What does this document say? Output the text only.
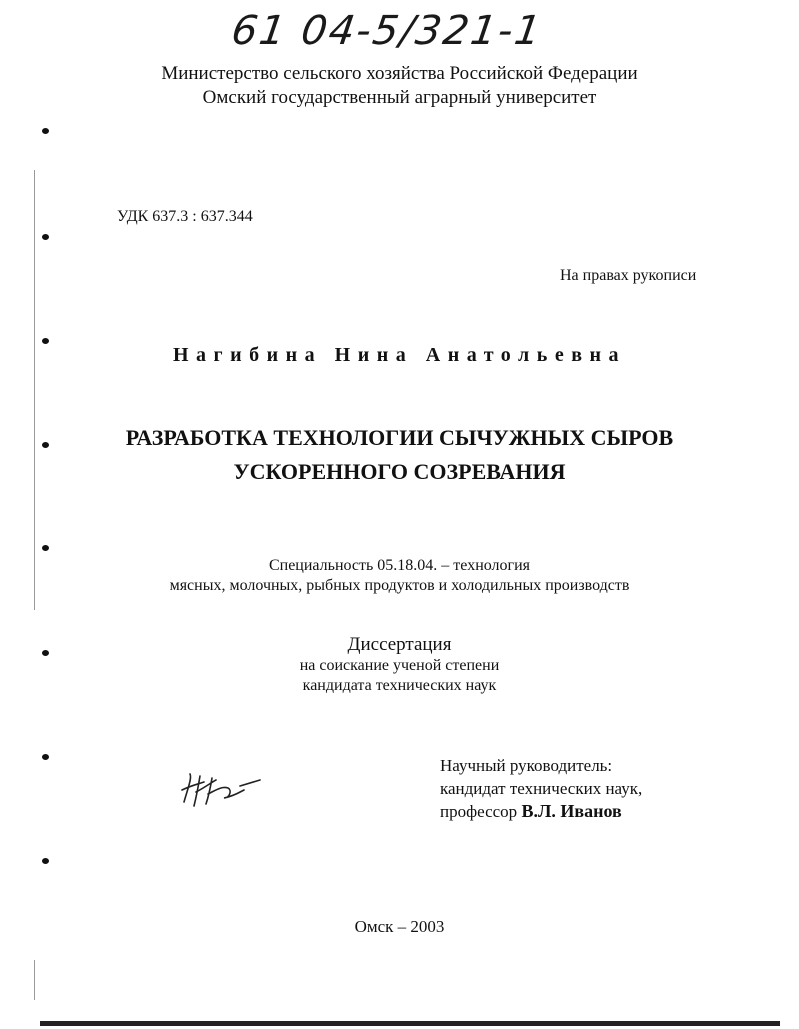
61 04-5/321-1
Министерство сельского хозяйства Российской Федерации
Омский государственный аграрный университет
УДК 637.3 : 637.344
На правах рукописи
Нагибина Нина Анатольевна
РАЗРАБОТКА ТЕХНОЛОГИИ СЫЧУЖНЫХ СЫРОВ
УСКОРЕННОГО СОЗРЕВАНИЯ
Специальность 05.18.04. – технология
мясных, молочных, рыбных продуктов и холодильных производств
Диссертация
на соискание ученой степени
кандидата технических наук
Научный руководитель:
кандидат технических наук,
профессор В.Л. Иванов
Омск – 2003
